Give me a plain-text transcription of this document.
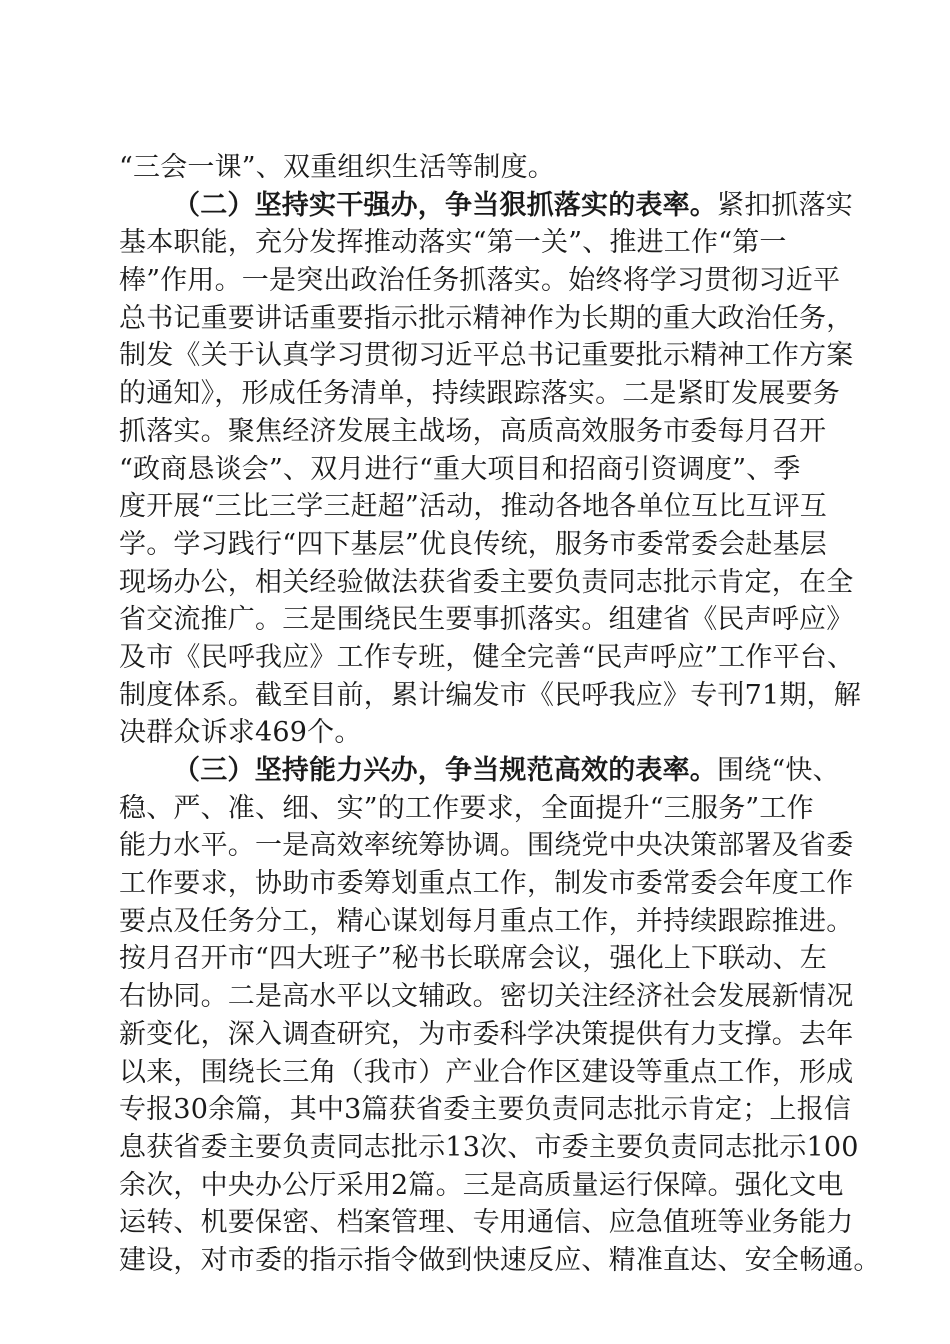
“三会一课”、双重组织生活等制度。
（二）坚持实干强办，争当狠抓落实的表率。紧扣抓落实
基本职能，充分发挥推动落实“第一关”、推进工作“第一
棒”作用。一是突出政治任务抓落实。始终将学习贯彻习近平
总书记重要讲话重要指示批示精神作为长期的重大政治任务，
制发《关于认真学习贯彻习近平总书记重要批示精神工作方案
的通知》，形成任务清单，持续跟踪落实。二是紧盯发展要务
抓落实。聚焦经济发展主战场，高质高效服务市委每月召开
“政商恳谈会”、双月进行“重大项目和招商引资调度”、季
度开展“三比三学三赶超”活动，推动各地各单位互比互评互
学。学习践行“四下基层”优良传统，服务市委常委会赴基层
现场办公，相关经验做法获省委主要负责同志批示肯定，在全
省交流推广。三是围绕民生要事抓落实。组建省《民声呼应》
及市《民呼我应》工作专班，健全完善“民声呼应”工作平台、
制度体系。截至目前，累计编发市《民呼我应》专刊71期，解
决群众诉求469个。
（三）坚持能力兴办，争当规范高效的表率。围绕“快、
稳、严、准、细、实”的工作要求，全面提升“三服务”工作
能力水平。一是高效率统筹协调。围绕党中央决策部署及省委
工作要求，协助市委筹划重点工作，制发市委常委会年度工作
要点及任务分工，精心谋划每月重点工作，并持续跟踪推进。
按月召开市“四大班子”秘书长联席会议，强化上下联动、左
右协同。二是高水平以文辅政。密切关注经济社会发展新情况
新变化，深入调查研究，为市委科学决策提供有力支撑。去年
以来，围绕长三角（我市）产业合作区建设等重点工作，形成
专报30余篇，其中3篇获省委主要负责同志批示肯定；上报信
息获省委主要负责同志批示13次、市委主要负责同志批示100
余次，中央办公厅采用2篇。三是高质量运行保障。强化文电
运转、机要保密、档案管理、专用通信、应急值班等业务能力
建设，对市委的指示指令做到快速反应、精准直达、安全畅通。
